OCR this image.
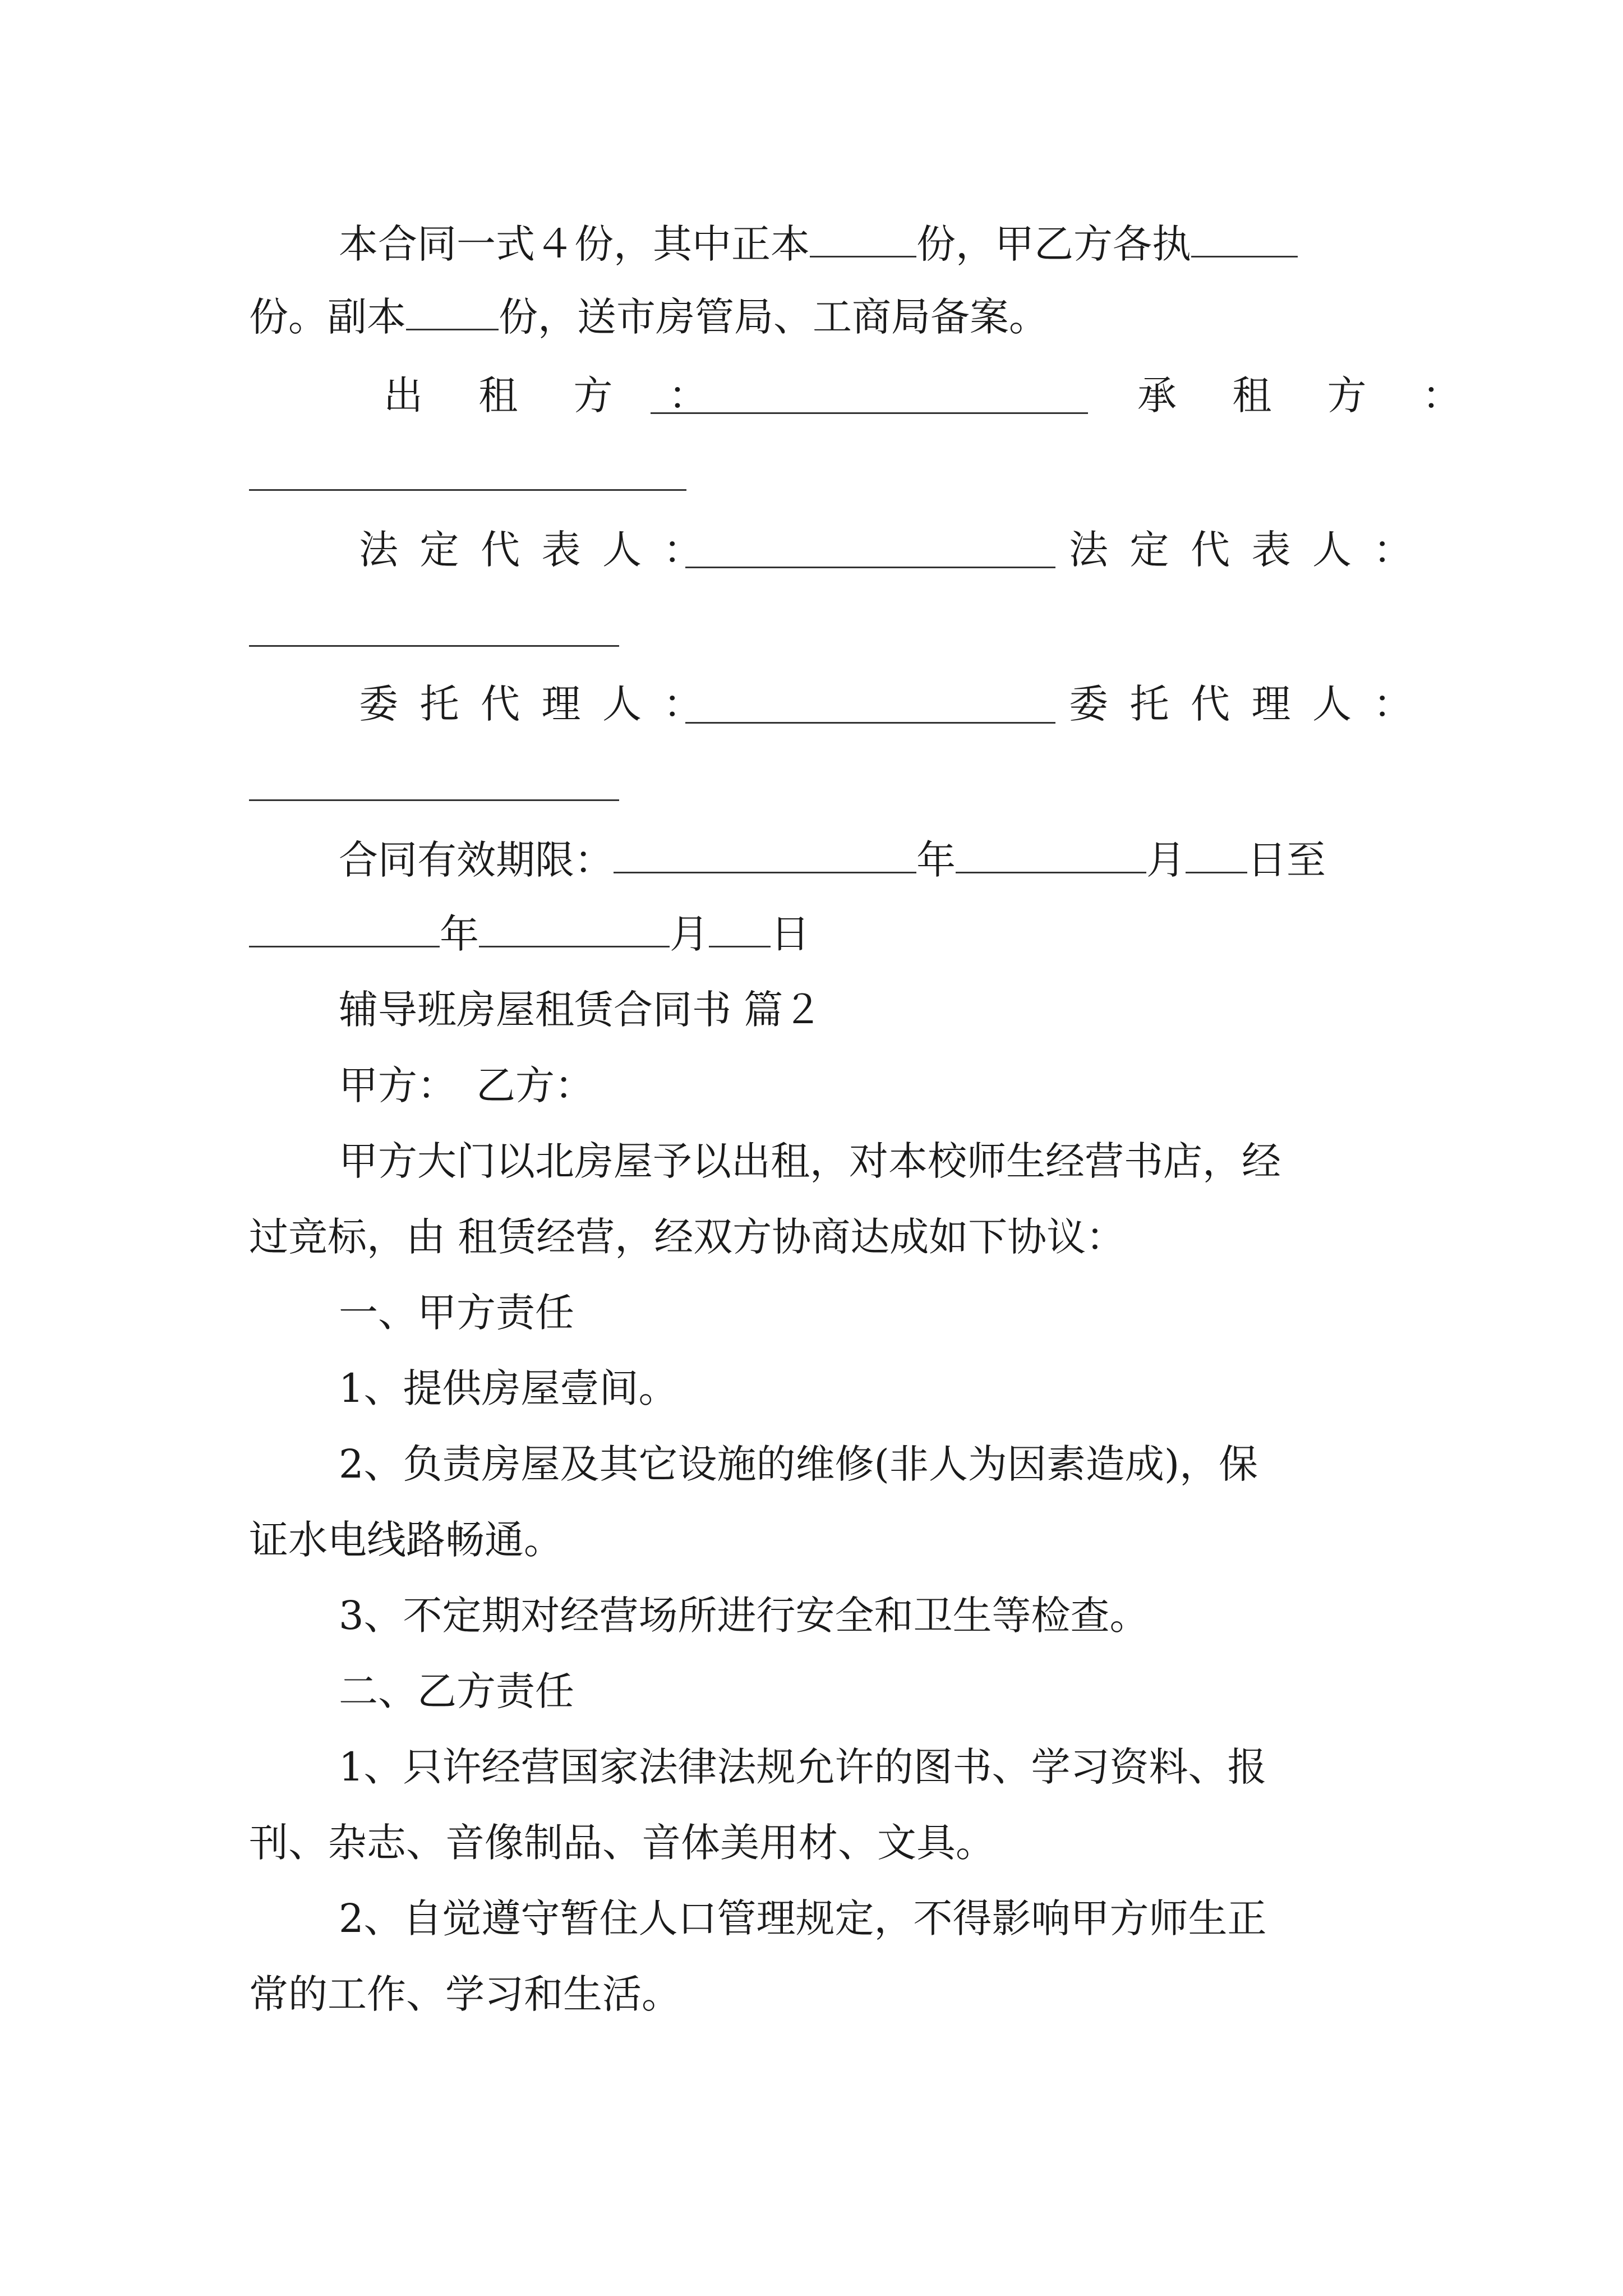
本合同一式４份，其中正本	份，甲乙方各执
份。副本 份，送市房管局、工商局备案。
出 租 方 ：	承 租 方 ：
法定代表人：	法定代表人：
委托代理人：	委托代理人：
合同有效期限：	年	月 日至
年	月 日
辅导班房屋租赁合同书 篇２
甲方：　乙方：
甲方大门以北房屋予以出租，对本校师生经营书店，经
过竞标，由 租赁经营，经双方协商达成如下协议：
一、甲方责任
1、提供房屋壹间。
2、负责房屋及其它设施的维修(非人为因素造成)，保
证水电线路畅通。
3、不定期对经营场所进行安全和卫生等检查。
二、乙方责任
1、只许经营国家法律法规允许的图书、学习资料、报
刊、杂志、音像制品、音体美用材、文具。
2、自觉遵守暂住人口管理规定，不得影响甲方师生正
常的工作、学习和生活。
